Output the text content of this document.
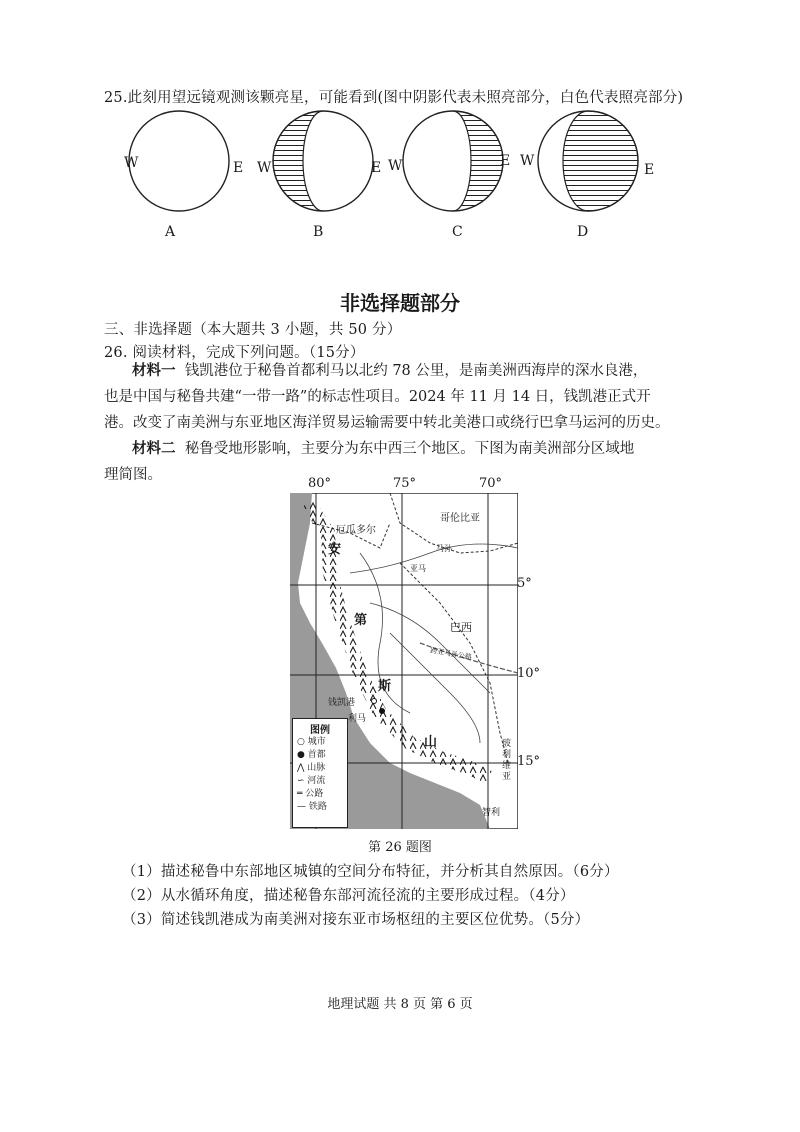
25.此刻用望远镜观测该颗亮星，可能看到(图中阴影代表未照亮部分，白色代表照亮部分)
W	E W	E W	E W
E
A	B	C	D
非选择题部分
三、非选择题（本大题共 3 小题，共 50 分）
26. 阅读材料，完成下列问题。（15分）
材料一 钱凯港位于秘鲁首都利马以北约 78 公里，是南美洲西海岸的深水良港，
也是中国与秘鲁共建“一带一路”的标志性项目。2024 年 11 月 14 日，钱凯港正式开
港。改变了南美洲与东亚地区海洋贸易运输需要中转北美港口或绕行巴拿马运河的历史。
材料二 秘鲁受地形影响，主要分为东中西三个地区。下图为南美洲部分区域地
理简图。
80°	75°	70°
厄瓜多尔
哥伦比亚
巴西
安
第
斯
山
钱凯港
利马
马孙
亚马
跨亚马孙公路
玻利维亚
智利
图例
○ 城市
● 首都
⋀ 山脉
∽ 河流
═ 公路
— 铁路
5°
10°
15°
第 26 题图
（1）描述秘鲁中东部地区城镇的空间分布特征，并分析其自然原因。（6分）
（2）从水循环角度，描述秘鲁东部河流径流的主要形成过程。（4分）
（3）简述钱凯港成为南美洲对接东亚市场枢纽的主要区位优势。（5分）
地理试题 共 8 页 第 6 页
